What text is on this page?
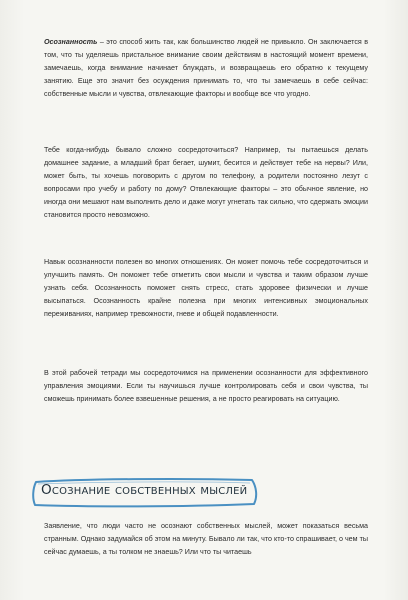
Осознанность – это способ жить так, как большинство людей не привыкло. Он заключается в том, что ты уделяешь пристальное внимание своим действиям в настоящий момент времени, замечаешь, когда внимание начинает блуждать, и возвращаешь его обратно к текущему занятию. Еще это значит без осуждения принимать то, что ты замечаешь в себе сейчас: собственные мысли и чувства, отвлекающие факторы и вообще все что угодно.

Тебе когда-нибудь бывало сложно сосредоточиться? Например, ты пытаешься делать домашнее задание, а младший брат бегает, шумит, бесится и действует тебе на нервы? Или, может быть, ты хочешь поговорить с другом по телефону, а родители постоянно лезут с вопросами про учебу и работу по дому? Отвлекающие факторы – это обычное явление, но иногда они мешают нам выполнить дело и даже могут угнетать так сильно, что сдержать эмоции становится просто невозможно.

Навык осознанности полезен во многих отношениях. Он может помочь тебе сосредоточиться и улучшить память. Он поможет тебе отметить свои мысли и чувства и таким образом лучше узнать себя. Осознанность поможет снять стресс, стать здоровее физически и лучше высыпаться. Осознанность крайне полезна при многих интенсивных эмоциональных переживаниях, например тревожности, гневе и общей подавленности.

В этой рабочей тетради мы сосредоточимся на применении осознанности для эффективного управления эмоциями. Если ты научишься лучше контролировать себя и свои чувства, ты сможешь принимать более взвешенные решения, а не просто реагировать на ситуацию.

Осознание собственных мыслей

Заявление, что люди часто не осознают собственных мыслей, может показаться весьма странным. Однако задумайся об этом на минуту. Бывало ли так, что кто-то спрашивает, о чем ты сейчас думаешь, а ты толком не знаешь? Или что ты читаешь
